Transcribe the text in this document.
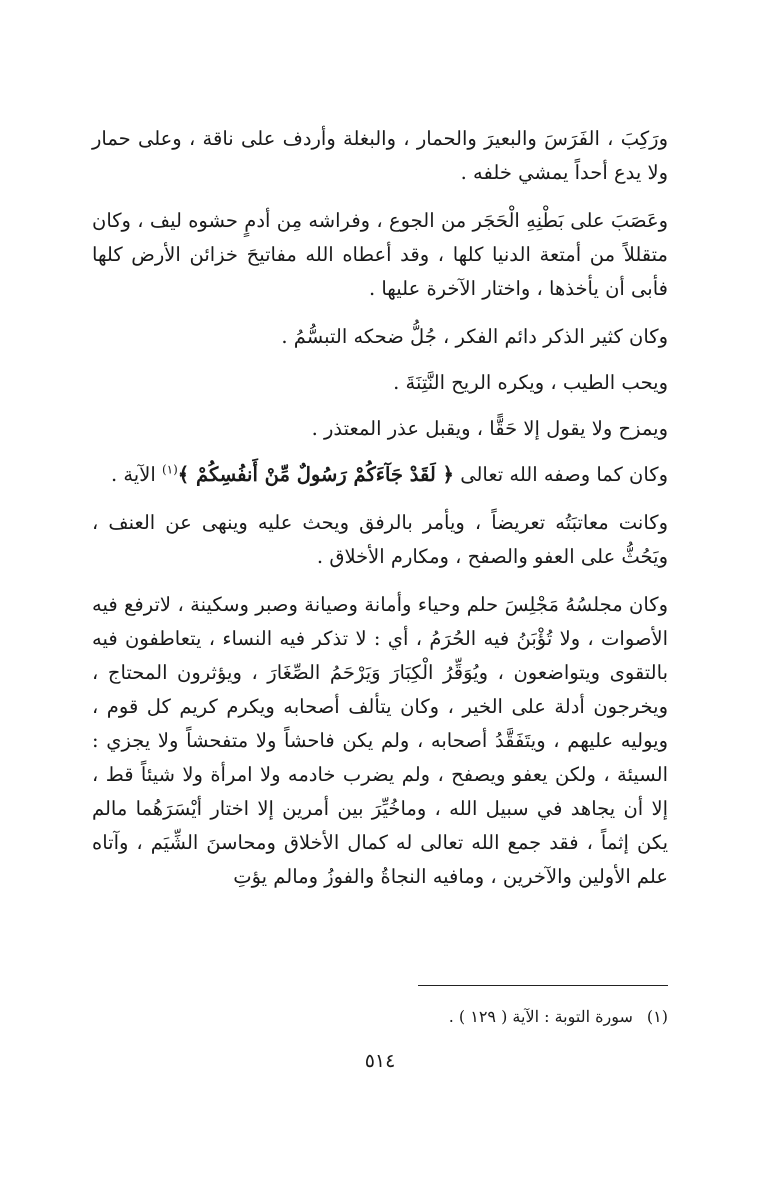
ورَكِبَ ، الفَرَسَ والبعيرَ والحمار ، والبغلة وأردف على ناقة ، وعلى حمار ولا يدع أحداً يمشي خلفه .

وعَصَبَ على بَطْنِهِ الْحَجَر من الجوع ، وفراشه مِن أدمٍ حشوه ليف ، وكان متقللاً من أمتعة الدنيا كلها ، وقد أعطاه الله مفاتيحَ خزائن الأرض كلها فأبى أن يأخذها ، واختار الآخرة عليها .

وكان كثير الذكر دائم الفكر ، جُلُّ ضحكه التبسُّمُ .

ويحب الطيب ، ويكره الريح النَّتِنَةَ .

ويمزح ولا يقول إلا حَقًّا ، ويقبل عذر المعتذر .

وكان كما وصفه الله تعالى ﴿ لَقَدْ جَآءَكُمْ رَسُولٌ مِّنْ أَنفُسِكُمْ ﴾$^{(١)}$ الآية .

وكانت معاتبَتُه تعريضاً ، ويأمر بالرفق ويحث عليه وينهى عن العنف ، ويَحُثُّ على العفو والصفح ، ومكارم الأخلاق .

وكان مجلسُهُ مَجْلِسَ حلم وحياء وأمانة وصيانة وصبر وسكينة ، لاترفع فيه الأصوات ، ولا تُؤْبَنُ فيه الحُرَمُ ، أي : لا تذكر فيه النساء ، يتعاطفون فيه بالتقوى ويتواضعون ، ويُوَقِّرُ الْكِبَارَ وَيَرْحَمُ الصِّغَارَ ، ويؤثرون المحتاج ، ويخرجون أدلة على الخير ، وكان يتألف أصحابه ويكرم كريم كل قوم ، ويوليه عليهم ، ويتَفَقَّدُ أصحابه ، ولم يكن فاحشاً ولا متفحشاً ولا يجزي : السيئة ، ولكن يعفو ويصفح ، ولم يضرب خادمه ولا امرأة ولا شيئاً قط ، إلا أن يجاهد في سبيل الله ، وماخُيِّرَ بين أمرين إلا اختار أيْسَرَهُما مالم يكن إثماً ، فقد جمع الله تعالى له كمال الأخلاق ومحاسنَ الشِّيَم ، وآتاه علم الأولين والآخرين ، ومافيه النجاةُ والفوزُ ومالم يؤتِ

(١)سورة التوبة : الآية ( ١٢٩ ) .
٥١٤
